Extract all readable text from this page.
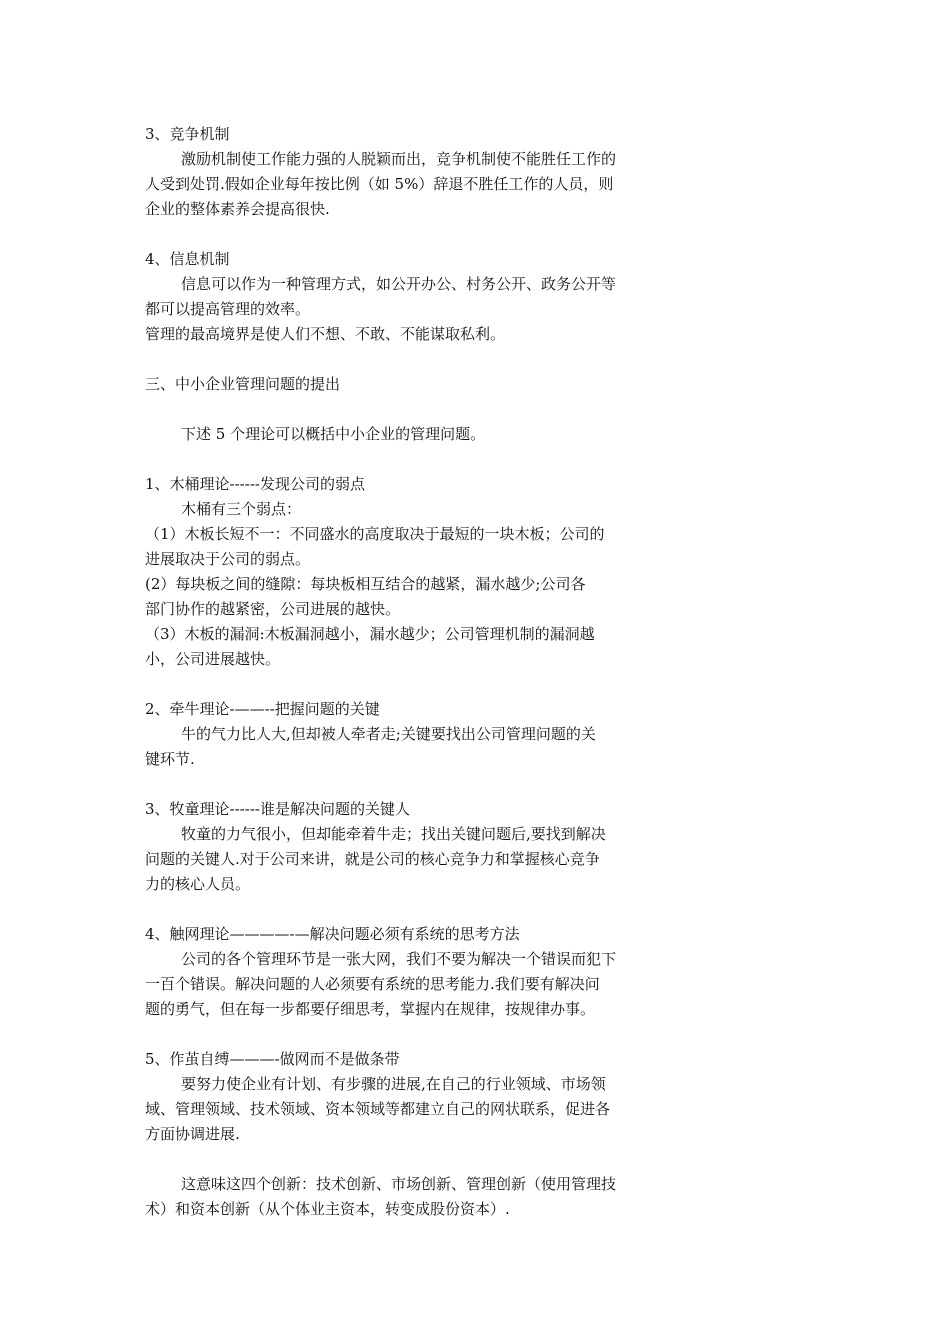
3、竞争机制
激励机制使工作能力强的人脱颖而出，竞争机制使不能胜任工作的
人受到处罚.假如企业每年按比例（如 5%）辞退不胜任工作的人员，则
企业的整体素养会提高很快.
4、信息机制
信息可以作为一种管理方式，如公开办公、村务公开、政务公开等
都可以提高管理的效率。
管理的最高境界是使人们不想、不敢、不能谋取私利。
三、中小企业管理问题的提出
下述 5 个理论可以概括中小企业的管理问题。
1、木桶理论------发现公司的弱点
木桶有三个弱点：
（1）木板长短不一：不同盛水的高度取决于最短的一块木板；公司的
进展取决于公司的弱点。
(2）每块板之间的缝隙：每块板相互结合的越紧，漏水越少;公司各
部门协作的越紧密，公司进展的越快。
（3）木板的漏洞:木板漏洞越小，漏水越少；公司管理机制的漏洞越
小，公司进展越快。
2、牵牛理论-——--把握问题的关键
牛的气力比人大,但却被人牵者走;关键要找出公司管理问题的关
键环节.
3、牧童理论------谁是解决问题的关键人
牧童的力气很小，但却能牵着牛走；找出关键问题后,要找到解决
问题的关键人.对于公司来讲，就是公司的核心竞争力和掌握核心竞争
力的核心人员。
4、触网理论————-—解决问题必须有系统的思考方法
公司的各个管理环节是一张大网，我们不要为解决一个错误而犯下
一百个错误。解决问题的人必须要有系统的思考能力.我们要有解决问
题的勇气，但在每一步都要仔细思考，掌握内在规律，按规律办事。
5、作茧自缚———-做网而不是做条带
要努力使企业有计划、有步骤的进展,在自己的行业领域、市场领
域、管理领域、技术领域、资本领域等都建立自己的网状联系，促进各
方面协调进展.
这意味这四个创新：技术创新、市场创新、管理创新（使用管理技
术）和资本创新（从个体业主资本，转变成股份资本）.
